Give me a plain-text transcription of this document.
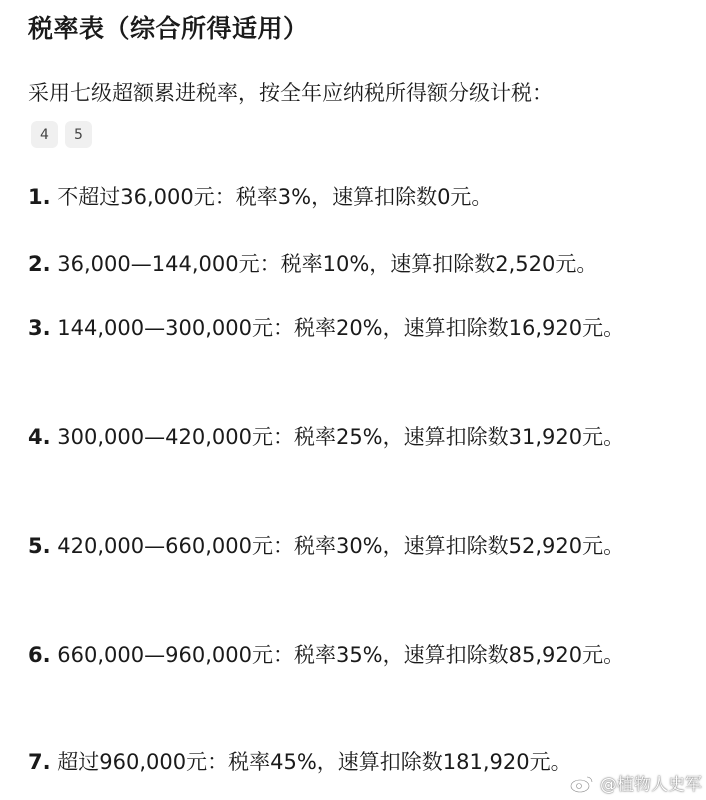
税率表（综合所得适用）
采用七级超额累进税率，按全年应纳税所得额分级计税：
4	5
1. 不超过36,000元：税率3%，速算扣除数0元。
2. 36,000—144,000元：税率10%，速算扣除数2,520元。
3. 144,000—300,000元：税率20%，速算扣除数16,920元。
4. 300,000—420,000元：税率25%，速算扣除数31,920元。
5. 420,000—660,000元：税率30%，速算扣除数52,920元。
6. 660,000—960,000元：税率35%，速算扣除数85,920元。
7. 超过960,000元：税率45%，速算扣除数181,920元。
@植物人史军
